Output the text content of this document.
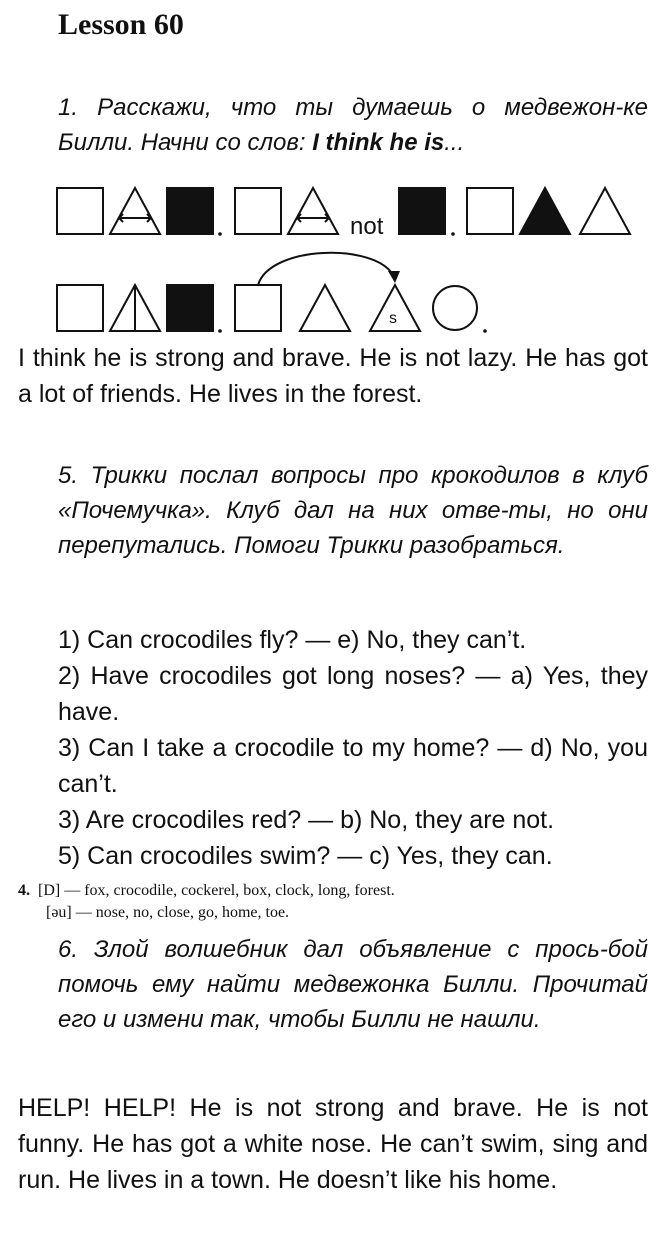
Lesson 60
1. Расскажи, что ты думаешь о медвежон-ке Билли. Начни со слов: I think he is...
not
s
I think he is strong and brave. He is not lazy. He has got a lot of friends. He lives in the forest.
5. Трикки послал вопросы про крокодилов в клуб «Почемучка». Клуб дал на них отве-ты, но они перепутались. Помоги Трикки разобраться.
1) Can crocodiles fly? — e) No, they can’t.
2) Have crocodiles got long noses? — a) Yes, they have.
3) Can I take a crocodile to my home? — d) No, you can’t.
3) Are crocodiles red? — b) No, they are not.
5) Can crocodiles swim? — c) Yes, they can.
4. [D] — fox, crocodile, cockerel, box, clock, long, forest.
[əu] — nose, no, close, go, home, toe.
6. Злой волшебник дал объявление с прось-бой помочь ему найти медвежонка Билли. Прочитай его и измени так, чтобы Билли не нашли.
HELP! HELP! He is not strong and brave. He is not funny. He has got a white nose. He can’t swim, sing and run. He lives in a town. He doesn’t like his home.
